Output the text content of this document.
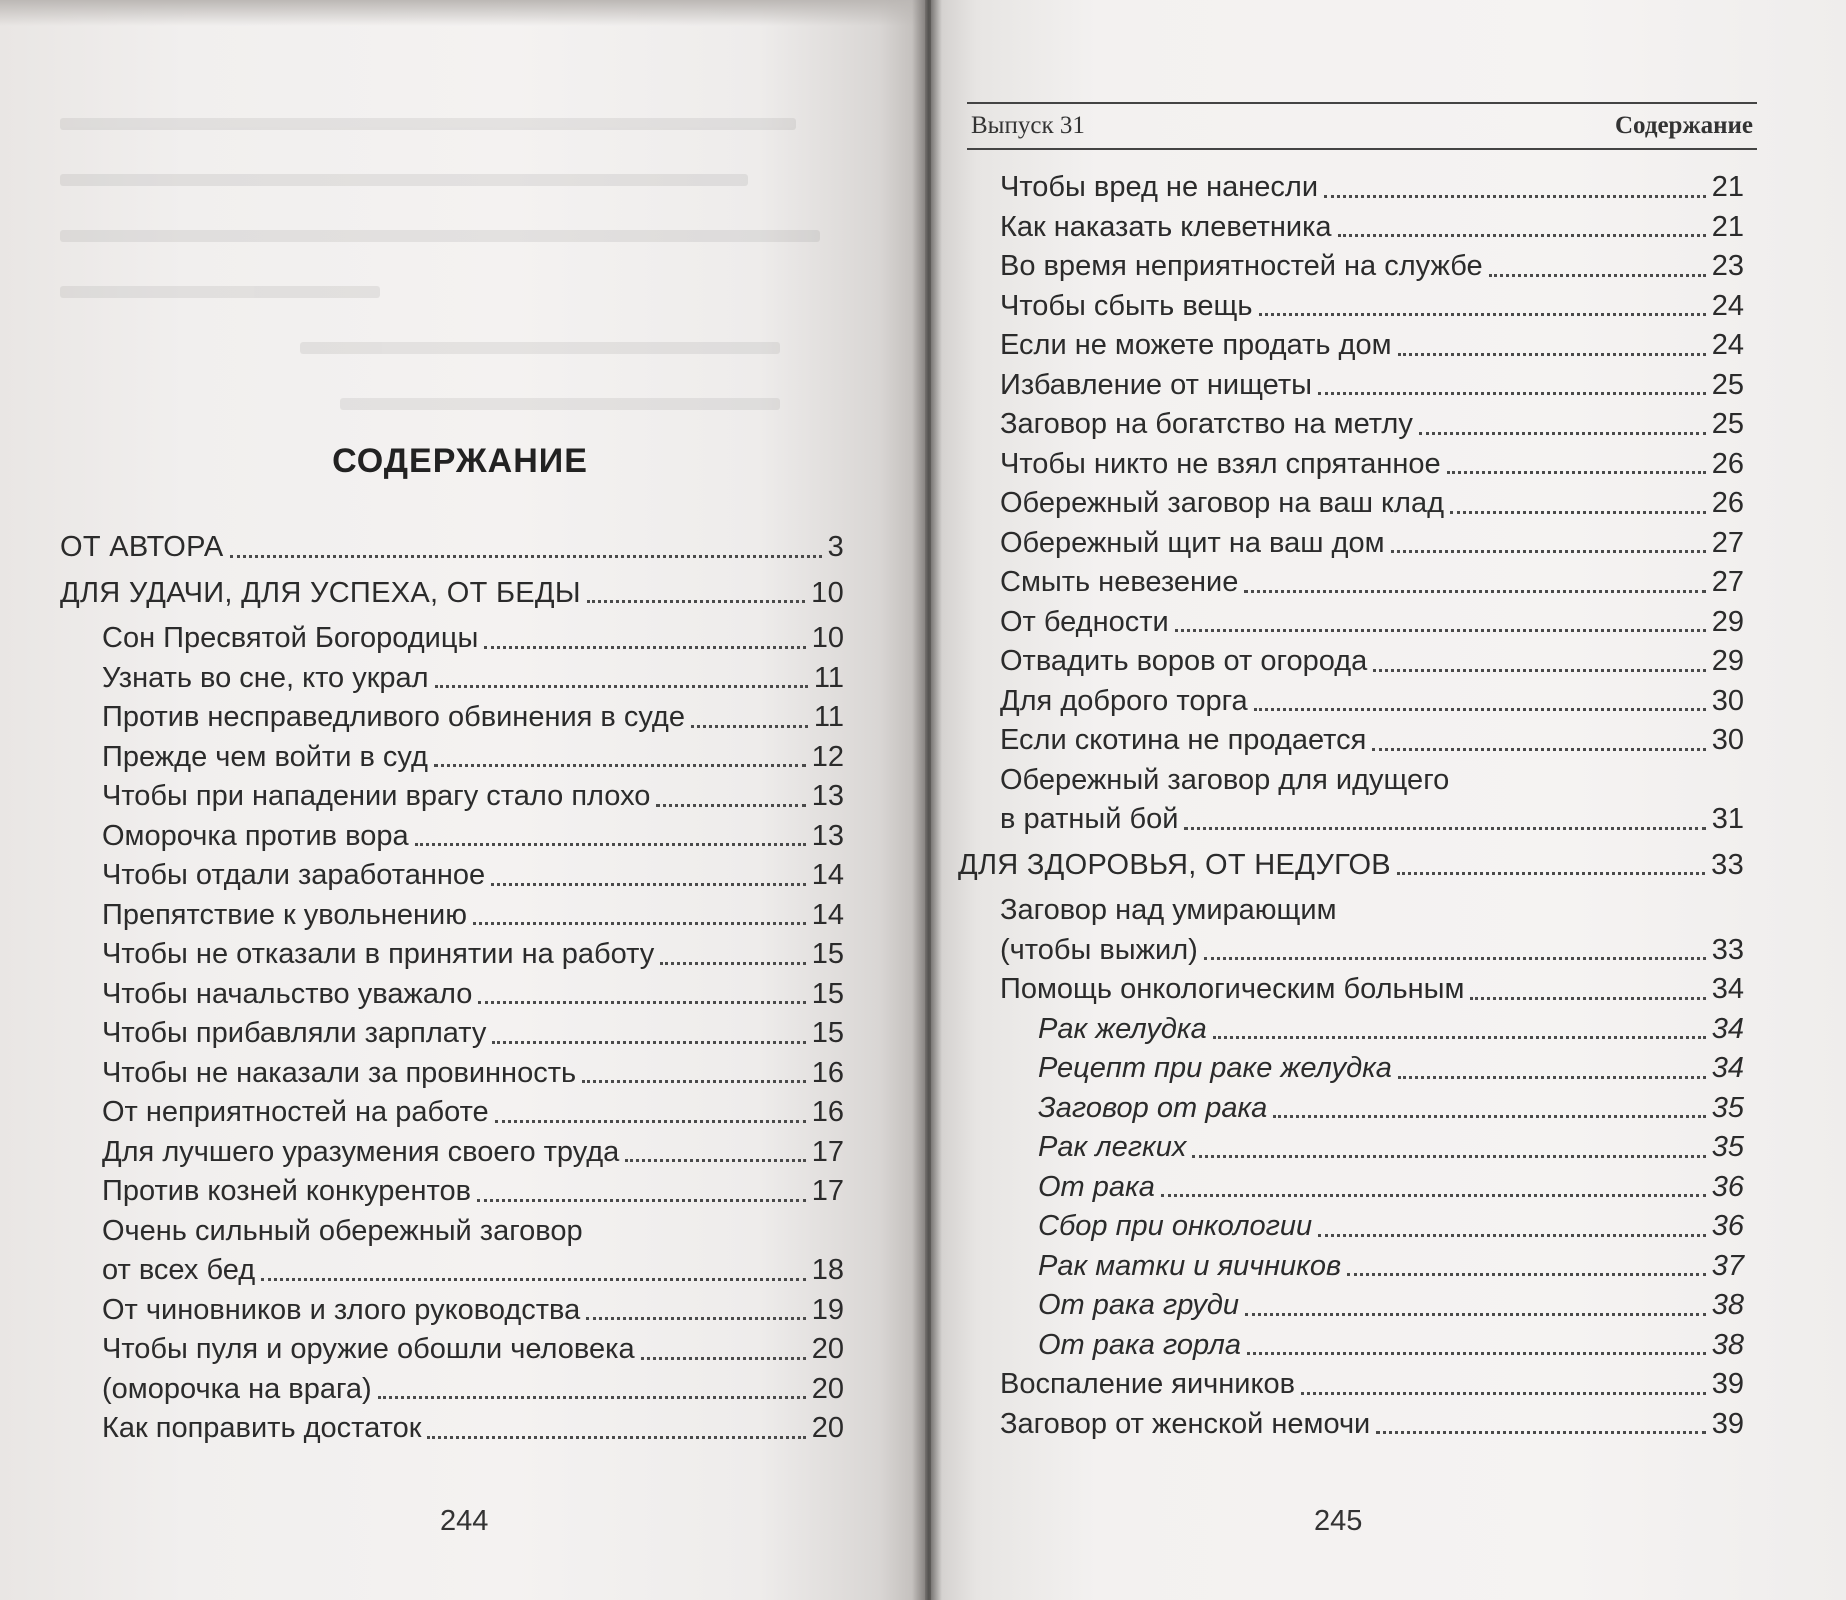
СОДЕРЖАНИЕ
ОТ АВТОРА	3
ДЛЯ УДАЧИ, ДЛЯ УСПЕХА, ОТ БЕДЫ	10
Сон Пресвятой Богородицы	10
Узнать во сне, кто украл	11
Против несправедливого обвинения в суде	11
Прежде чем войти в суд	12
Чтобы при нападении врагу стало плохо	13
Оморочка против вора	13
Чтобы отдали заработанное	14
Препятствие к увольнению	14
Чтобы не отказали в принятии на работу	15
Чтобы начальство уважало	15
Чтобы прибавляли зарплату	15
Чтобы не наказали за провинность	16
От неприятностей на работе	16
Для лучшего уразумения своего труда	17
Против козней конкурентов	17
Очень сильный обережный заговор
от всех бед	18
От чиновников и злого руководства	19
Чтобы пуля и оружие обошли человека	20
(оморочка на врага)	20
Как поправить достаток	20
244
Выпуск 31	Содержание
Чтобы вред не нанесли	21
Как наказать клеветника	21
Во время неприятностей на службе	23
Чтобы сбыть вещь	24
Если не можете продать дом	24
Избавление от нищеты	25
Заговор на богатство на метлу	25
Чтобы никто не взял спрятанное	26
Обережный заговор на ваш клад	26
Обережный щит на ваш дом	27
Смыть невезение	27
От бедности	29
Отвадить воров от огорода	29
Для доброго торга	30
Если скотина не продается	30
Обережный заговор для идущего
в ратный бой	31
ДЛЯ ЗДОРОВЬЯ, ОТ НЕДУГОВ	33
Заговор над умирающим
(чтобы выжил)	33
Помощь онкологическим больным	34
Рак желудка	34
Рецепт при раке желудка	34
Заговор от рака	35
Рак легких	35
От рака	36
Сбор при онкологии	36
Рак матки и яичников	37
От рака груди	38
От рака горла	38
Воспаление яичников	39
Заговор от женской немочи	39
245
